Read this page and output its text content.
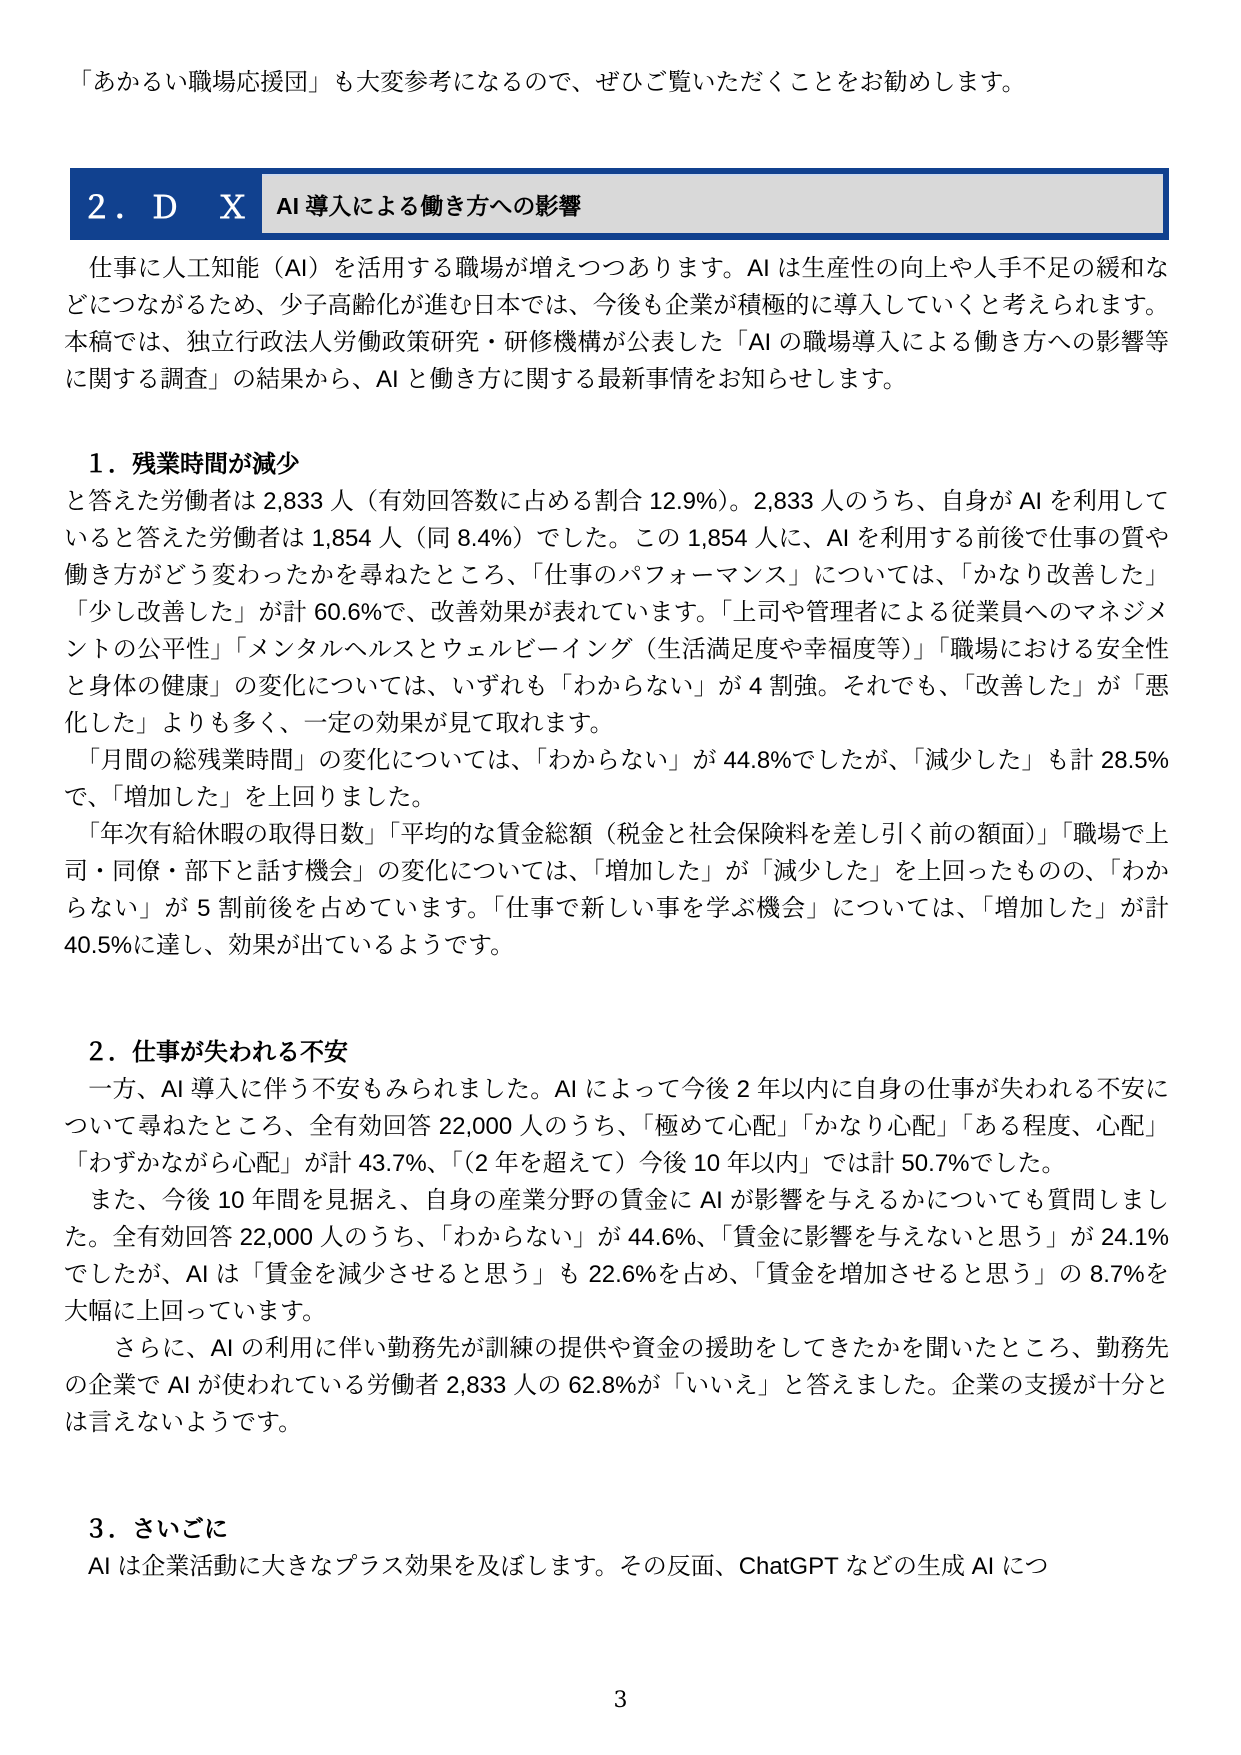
「あかるい職場応援団」も大変参考になるので、ぜひご覧いただくことをお勧めします。

２．Ｄ　Ｘ	AI 導入による働き方への影響

　仕事に人工知能（AI）を活用する職場が増えつつあります。AI は生産性の向上や人手不足の緩和などにつながるため、少子高齢化が進む日本では、今後も企業が積極的に導入していくと考えられます。本稿では、独立行政法人労働政策研究・研修機構が公表した「AI の職場導入による働き方への影響等に関する調査」の結果から、AI と働き方に関する最新事情をお知らせします。

１．残業時間が減少

と答えた労働者は 2,833 人（有効回答数に占める割合 12.9%）。2,833 人のうち、自身が AI を利用していると答えた労働者は 1,854 人（同 8.4%）でした。この 1,854 人に、AI を利用する前後で仕事の質や働き方がどう変わったかを尋ねたところ、「仕事のパフォーマンス」については、「かなり改善した」「少し改善した」が計 60.6%で、改善効果が表れています。「上司や管理者による従業員へのマネジメントの公平性」「メンタルヘルスとウェルビーイング（生活満足度や幸福度等）」「職場における安全性と身体の健康」の変化については、いずれも「わからない」が 4 割強。それでも、「改善した」が「悪化した」よりも多く、一定の効果が見て取れます。

　「月間の総残業時間」の変化については、「わからない」が 44.8%でしたが、「減少した」も計 28.5%で、「増加した」を上回りました。

　「年次有給休暇の取得日数」「平均的な賃金総額（税金と社会保険料を差し引く前の額面）」「職場で上司・同僚・部下と話す機会」の変化については、「増加した」が「減少した」を上回ったものの、「わからない」が 5 割前後を占めています。「仕事で新しい事を学ぶ機会」については、「増加した」が計 40.5%に達し、効果が出ているようです。

２．仕事が失われる不安

　一方、AI 導入に伴う不安もみられました。AI によって今後 2 年以内に自身の仕事が失われる不安について尋ねたところ、全有効回答 22,000 人のうち、「極めて心配」「かなり心配」「ある程度、心配」「わずかながら心配」が計 43.7%、「（2 年を超えて）今後 10 年以内」では計 50.7%でした。

　また、今後 10 年間を見据え、自身の産業分野の賃金に AI が影響を与えるかについても質問しました。全有効回答 22,000 人のうち、「わからない」が 44.6%、「賃金に影響を与えないと思う」が 24.1%でしたが、AI は「賃金を減少させると思う」も 22.6%を占め、「賃金を増加させると思う」の 8.7%を大幅に上回っています。

　　さらに、AI の利用に伴い勤務先が訓練の提供や資金の援助をしてきたかを聞いたところ、勤務先の企業で AI が使われている労働者 2,833 人の 62.8%が「いいえ」と答えました。企業の支援が十分とは言えないようです。

３．さいごに

　AI は企業活動に大きなプラス効果を及ぼします。その反面、ChatGPT などの生成 AI につ

3
